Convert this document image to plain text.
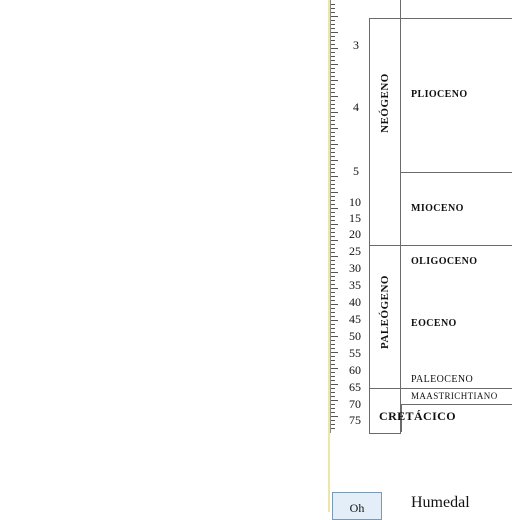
3
4
5
10
15
20
25
30
35
40
45
50
55
60
65
70
75
NEÓGENO
PALEÓGENO
CRETÁCICO
PLIOCENO
MIOCENO
OLIGOCENO
EOCENO
PALEOCENO
MAASTRICHTIANO
Oh	Humedal
